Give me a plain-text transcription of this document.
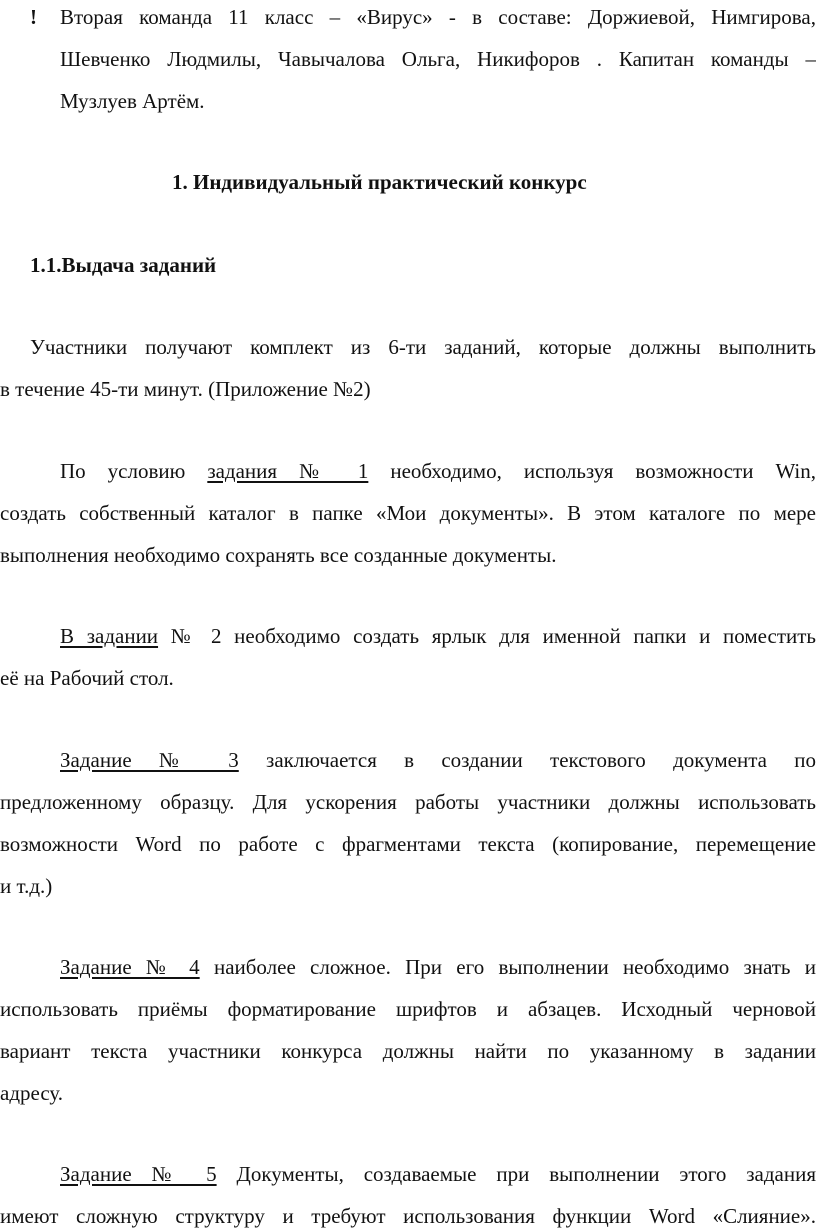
! Вторая команда 11 класс – «Вирус» - в составе: Доржиевой, Нимгирова,
Шевченко Людмилы, Чавычалова Ольга, Никифоров . Капитан команды –
Музлуев Артём.
1. Индивидуальный практический конкурс
1.1.Выдача заданий
Участники получают комплект из 6-ти заданий, которые должны выполнить
в течение 45-ти минут. (Приложение №2)
По условию задания № 1 необходимо, используя возможности Win,
создать собственный каталог в папке «Мои документы». В этом каталоге по мере
выполнения необходимо сохранять все созданные документы.
В задании № 2 необходимо создать ярлык для именной папки и поместить
её на Рабочий стол.
Задание № 3 заключается в создании текстового документа по
предложенному образцу. Для ускорения работы участники должны использовать
возможности Word по работе с фрагментами текста (копирование, перемещение
и т.д.)
Задание № 4 наиболее сложное. При его выполнении необходимо знать и
использовать приёмы форматирование шрифтов и абзацев. Исходный черновой
вариант текста участники конкурса должны найти по указанному в задании
адресу.
Задание № 5 Документы, создаваемые при выполнении этого задания
имеют сложную структуру и требуют использования функции Word «Слияние».
